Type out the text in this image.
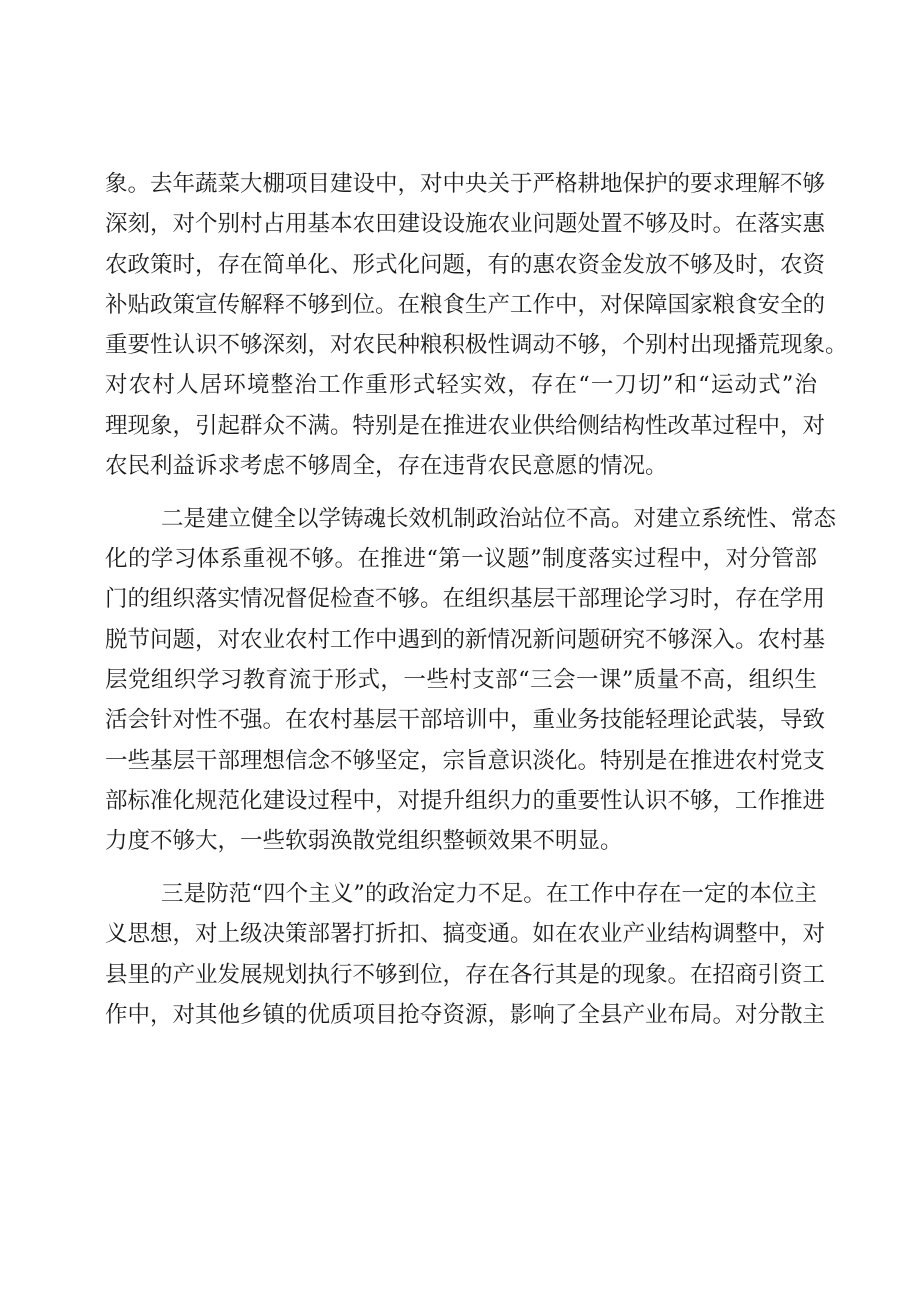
象。去年蔬菜大棚项目建设中，对中央关于严格耕地保护的要求理解不够
深刻，对个别村占用基本农田建设设施农业问题处置不够及时。在落实惠
农政策时，存在简单化、形式化问题，有的惠农资金发放不够及时，农资
补贴政策宣传解释不够到位。在粮食生产工作中，对保障国家粮食安全的
重要性认识不够深刻，对农民种粮积极性调动不够，个别村出现播荒现象。
对农村人居环境整治工作重形式轻实效，存在“一刀切”和“运动式”治
理现象，引起群众不满。特别是在推进农业供给侧结构性改革过程中，对
农民利益诉求考虑不够周全，存在违背农民意愿的情况。
二是建立健全以学铸魂长效机制政治站位不高。对建立系统性、常态
化的学习体系重视不够。在推进“第一议题”制度落实过程中，对分管部
门的组织落实情况督促检查不够。在组织基层干部理论学习时，存在学用
脱节问题，对农业农村工作中遇到的新情况新问题研究不够深入。农村基
层党组织学习教育流于形式，一些村支部“三会一课”质量不高，组织生
活会针对性不强。在农村基层干部培训中，重业务技能轻理论武装，导致
一些基层干部理想信念不够坚定，宗旨意识淡化。特别是在推进农村党支
部标准化规范化建设过程中，对提升组织力的重要性认识不够，工作推进
力度不够大，一些软弱涣散党组织整顿效果不明显。
三是防范“四个主义”的政治定力不足。在工作中存在一定的本位主
义思想，对上级决策部署打折扣、搞变通。如在农业产业结构调整中，对
县里的产业发展规划执行不够到位，存在各行其是的现象。在招商引资工
作中，对其他乡镇的优质项目抢夺资源，影响了全县产业布局。对分散主
